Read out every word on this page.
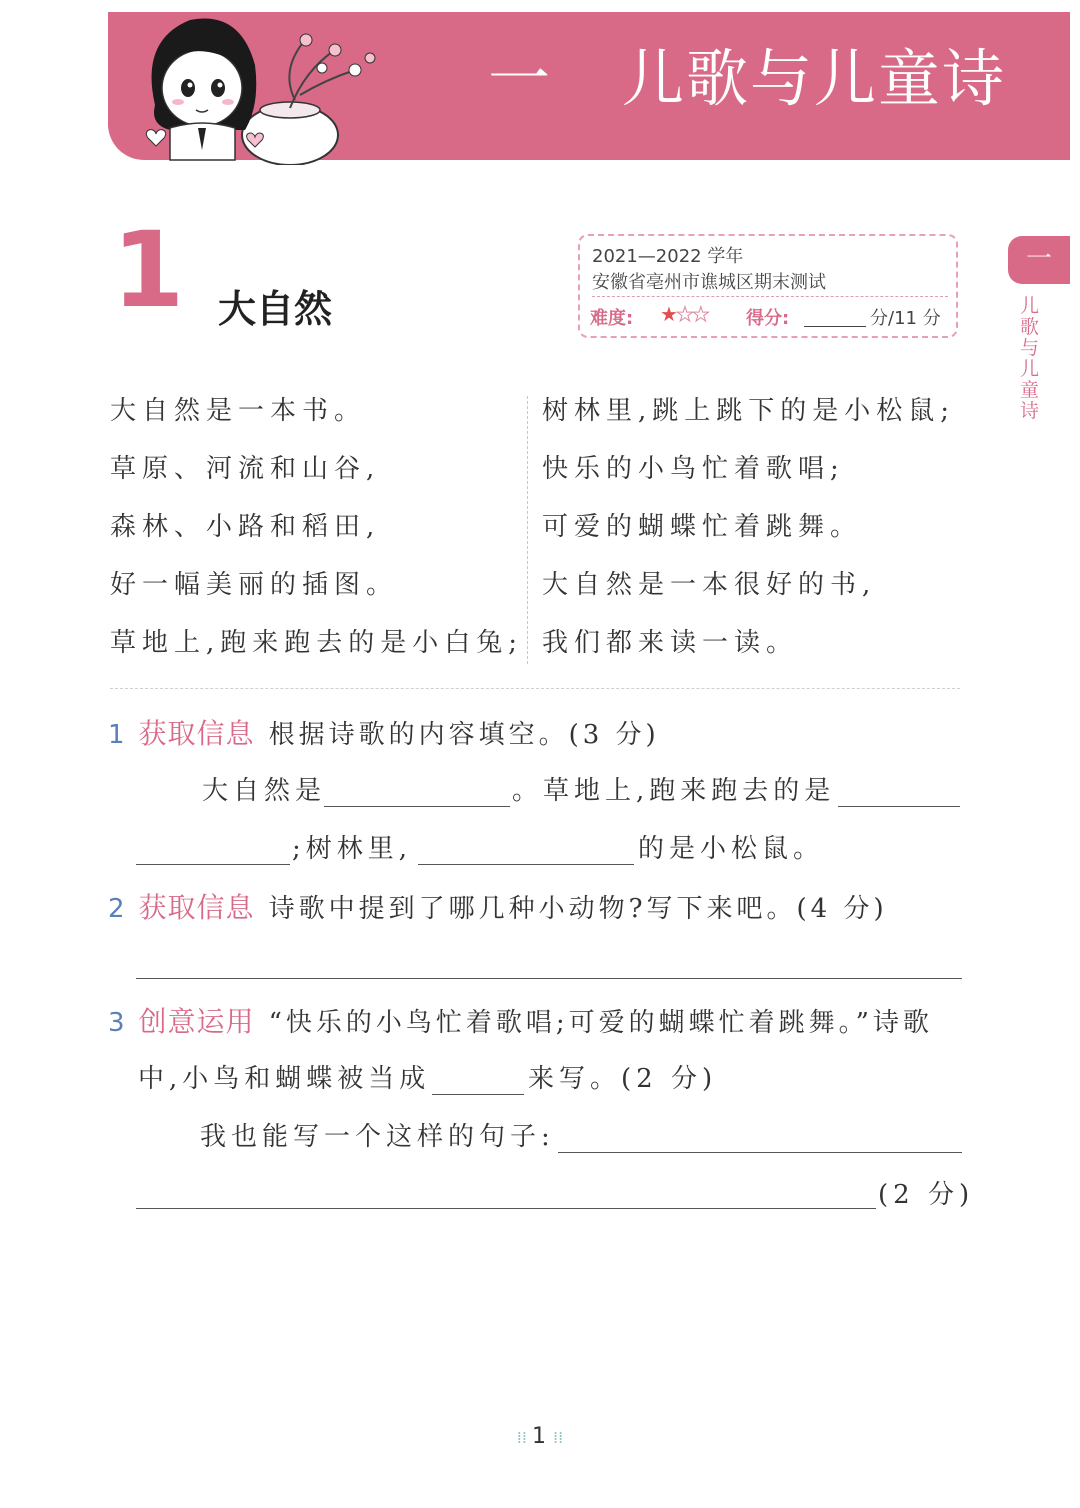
一 儿歌与儿童诗
一
儿歌与儿童诗
1 大自然
2021—2022 学年
安徽省亳州市谯城区期末测试
难度: ★★★ 得分:	分/11 分
大自然是一本书。
草原、河流和山谷,
森林、小路和稻田,
好一幅美丽的插图。
草地上,跑来跑去的是小白兔;
树林里,跳上跳下的是小松鼠;
快乐的小鸟忙着歌唱;
可爱的蝴蝶忙着跳舞。
大自然是一本很好的书,
我们都来读一读。
1 获取信息 根据诗歌的内容填空。(3 分)
大自然是	。草地上,跑来跑去的是
;树林里,	的是小松鼠。
2 获取信息 诗歌中提到了哪几种小动物?写下来吧。(4 分)
3 创意运用 “快乐的小鸟忙着歌唱;可爱的蝴蝶忙着跳舞。”诗歌
中,小鸟和蝴蝶被当成	来写。(2 分)
我也能写一个这样的句子:
(2 分)
⁞⁞ 1 ⁞⁞
